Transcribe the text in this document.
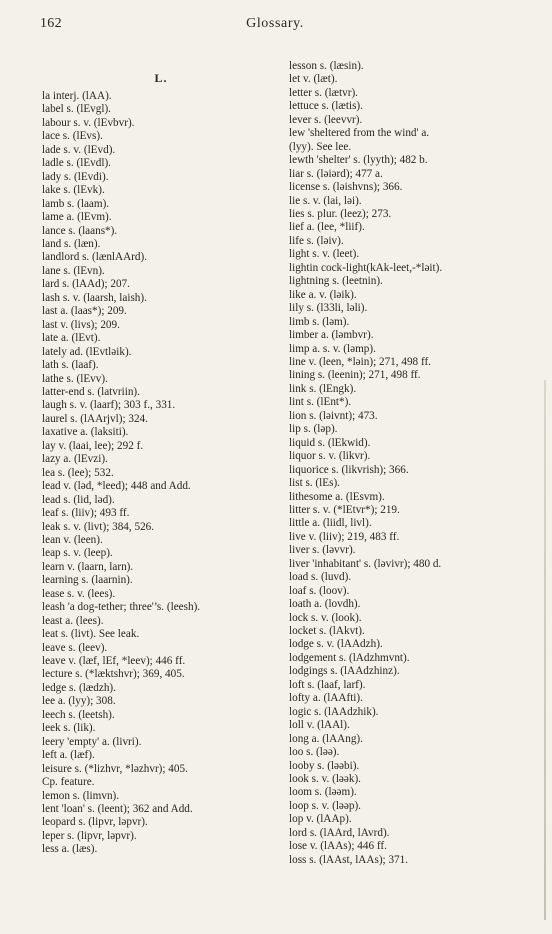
162	Glossary.
L.
la interj. (lAA).
label s. (lEvgl).
labour s. v. (lEvbvr).
lace s. (lEvs).
lade s. v. (lEvd).
ladle s. (lEvdl).
lady s. (lEvdi).
lake s. (lEvk).
lamb s. (laam).
lame a. (lEvm).
lance s. (laans*).
land s. (læn).
landlord s. (lænlAArd).
lane s. (lEvn).
lard s. (lAAd); 207.
lash s. v. (laarsh, laish).
last a. (laas*); 209.
last v. (livs); 209.
late a. (lEvt).
lately ad. (lEvtləik).
lath s. (laaf).
lathe s. (lEvv).
latter-end s. (latvriin).
laugh s. v. (laarf); 303 f., 331.
laurel s. (lAArjvl); 324.
laxative a. (laksiti).
lay v. (laai, lee); 292 f.
lazy a. (lEvzi).
lea s. (lee); 532.
lead v. (ləd, *leed); 448 and Add.
lead s. (lid, ləd).
leaf s. (liiv); 493 ff.
leak s. v. (livt); 384, 526.
lean v. (leen).
leap s. v. (leep).
learn v. (laarn, larn).
learning s. (laarnin).
lease s. v. (lees).
leash 'a dog-tether; three'’s. (leesh).
least a. (lees).
leat s. (livt). See leak.
leave s. (leev).
leave v. (læf, lEf, *leev); 446 ff.
lecture s. (*læktshvr); 369, 405.
ledge s. (lædzh).
lee a. (lyy); 308.
leech s. (leetsh).
leek s. (lik).
leery 'empty' a. (livri).
left a. (læf).
leisure s. (*lizhvr, *ləzhvr); 405.
Cp. feature.
lemon s. (limvn).
lent 'loan' s. (leent); 362 and Add.
leopard s. (lipvr, ləpvr).
leper s. (lipvr, ləpvr).
less a. (læs).
lesson s. (læsin).
let v. (læt).
letter s. (lætvr).
lettuce s. (lætis).
lever s. (leevvr).
lew 'sheltered from the wind' a.
(lyy). See lee.
lewth 'shelter' s. (lyyth); 482 b.
liar s. (ləiərd); 477 a.
license s. (ləishvns); 366.
lie s. v. (lai, ləi).
lies s. plur. (leez); 273.
lief a. (lee, *liif).
life s. (ləiv).
light s. v. (leet).
lightin cock-light(kAk-leet,-*ləit).
lightning s. (leetnin).
like a. v. (ləik).
lily s. (l33li, ləli).
limb s. (ləm).
limber a. (ləmbvr).
limp a. s. v. (ləmp).
line v. (leen, *ləin); 271, 498 ff.
lining s. (leenin); 271, 498 ff.
link s. (lEngk).
lint s. (lEnt*).
lion s. (ləivnt); 473.
lip s. (ləp).
liquid s. (lEkwid).
liquor s. v. (likvr).
liquorice s. (likvrish); 366.
list s. (lEs).
lithesome a. (lEsvm).
litter s. v. (*lEtvr*); 219.
little a. (liidl, livl).
live v. (liiv); 219, 483 ff.
liver s. (ləvvr).
liver 'inhabitant' s. (ləvivr); 480 d.
load s. (luvd).
loaf s. (loov).
loath a. (lovdh).
lock s. v. (look).
locket s. (lAkvt).
lodge s. v. (lAAdzh).
lodgement s. (lAdzhmvnt).
lodgings s. (lAAdzhinz).
loft s. (laaf, larf).
lofty a. (lAAfti).
logic s. (lAAdzhik).
loll v. (lAAl).
long a. (lAAng).
loo s. (ləə).
looby s. (ləəbi).
look s. v. (ləək).
loom s. (ləəm).
loop s. v. (ləəp).
lop v. (lAAp).
lord s. (lAArd, lAvrd).
lose v. (lAAs); 446 ff.
loss s. (lAAst, lAAs); 371.
